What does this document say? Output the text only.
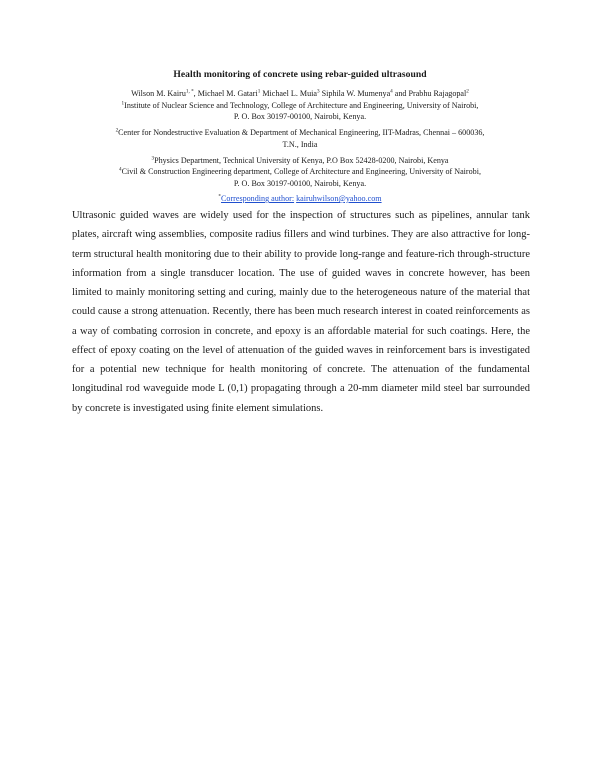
Health monitoring of concrete using rebar-guided ultrasound
Wilson M. Kairu$^{1, *}$, Michael M. Gatari$^1$ Michael L. Muia$^3$ Siphila W. Mumenya$^4$ and Prabhu Rajagopal$^2$
$^1$Institute of Nuclear Science and Technology, College of Architecture and Engineering, University of Nairobi,
P. O. Box 30197-00100, Nairobi, Kenya.
$^2$Center for Nondestructive Evaluation & Department of Mechanical Engineering, IIT-Madras, Chennai – 600036,
T.N., India
$^3$Physics Department, Technical University of Kenya, P.O Box 52428-0200, Nairobi, Kenya
$^4$Civil & Construction Engineering department, College of Architecture and Engineering, University of Nairobi,
P. O. Box 30197-00100, Nairobi, Kenya.
*Corresponding author: kairuhwilson@yahoo.com
Ultrasonic guided waves are widely used for the inspection of structures such as pipelines, annular tank plates, aircraft wing assemblies, composite radius fillers and wind turbines. They are also attractive for long-term structural health monitoring due to their ability to provide long-range and feature-rich through-structure information from a single transducer location. The use of guided waves in concrete however, has been limited to mainly monitoring setting and curing, mainly due to the heterogeneous nature of the material that could cause a strong attenuation. Recently, there has been much research interest in coated reinforcements as a way of combating corrosion in concrete, and epoxy is an affordable material for such coatings. Here, the effect of epoxy coating on the level of attenuation of the guided waves in reinforcement bars is investigated for a potential new technique for health monitoring of concrete. The attenuation of the fundamental longitudinal rod waveguide mode L (0,1) propagating through a 20-mm diameter mild steel bar surrounded by concrete is investigated using finite element simulations.
